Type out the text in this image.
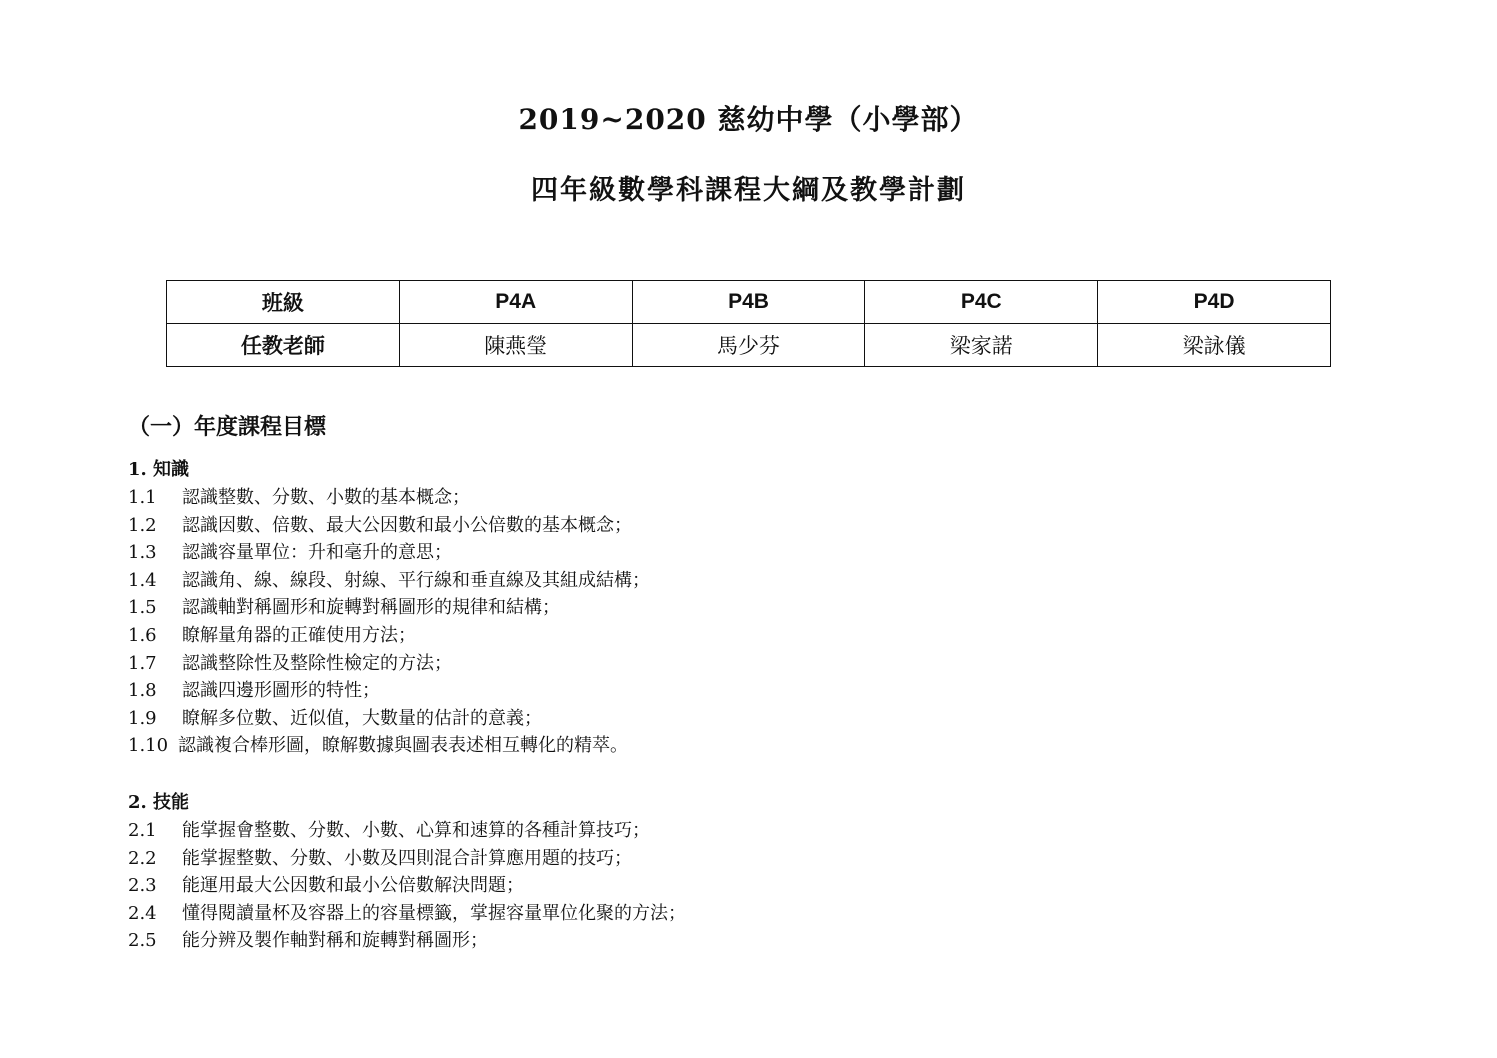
2019~2020 慈幼中學（小學部）
四年級數學科課程大綱及教學計劃
班級	P4A	P4B	P4C	P4D
任教老師	陳燕瑩	馬少芬	梁家諾	梁詠儀
（一）年度課程目標
1. 知識
1.1 認識整數、分數、小數的基本概念；
1.2 認識因數、倍數、最大公因數和最小公倍數的基本概念；
1.3 認識容量單位：升和毫升的意思；
1.4 認識角、線、線段、射線、平行線和垂直線及其組成結構；
1.5 認識軸對稱圖形和旋轉對稱圖形的規律和結構；
1.6 瞭解量角器的正確使用方法；
1.7 認識整除性及整除性檢定的方法；
1.8 認識四邊形圖形的特性；
1.9 瞭解多位數、近似值，大數量的估計的意義；
1.10 認識複合棒形圖，瞭解數據與圖表表述相互轉化的精萃。
2. 技能
2.1 能掌握會整數、分數、小數、心算和速算的各種計算技巧；
2.2 能掌握整數、分數、小數及四則混合計算應用題的技巧；
2.3 能運用最大公因數和最小公倍數解決問題；
2.4 懂得閱讀量杯及容器上的容量標籤，掌握容量單位化聚的方法；
2.5 能分辨及製作軸對稱和旋轉對稱圖形；
